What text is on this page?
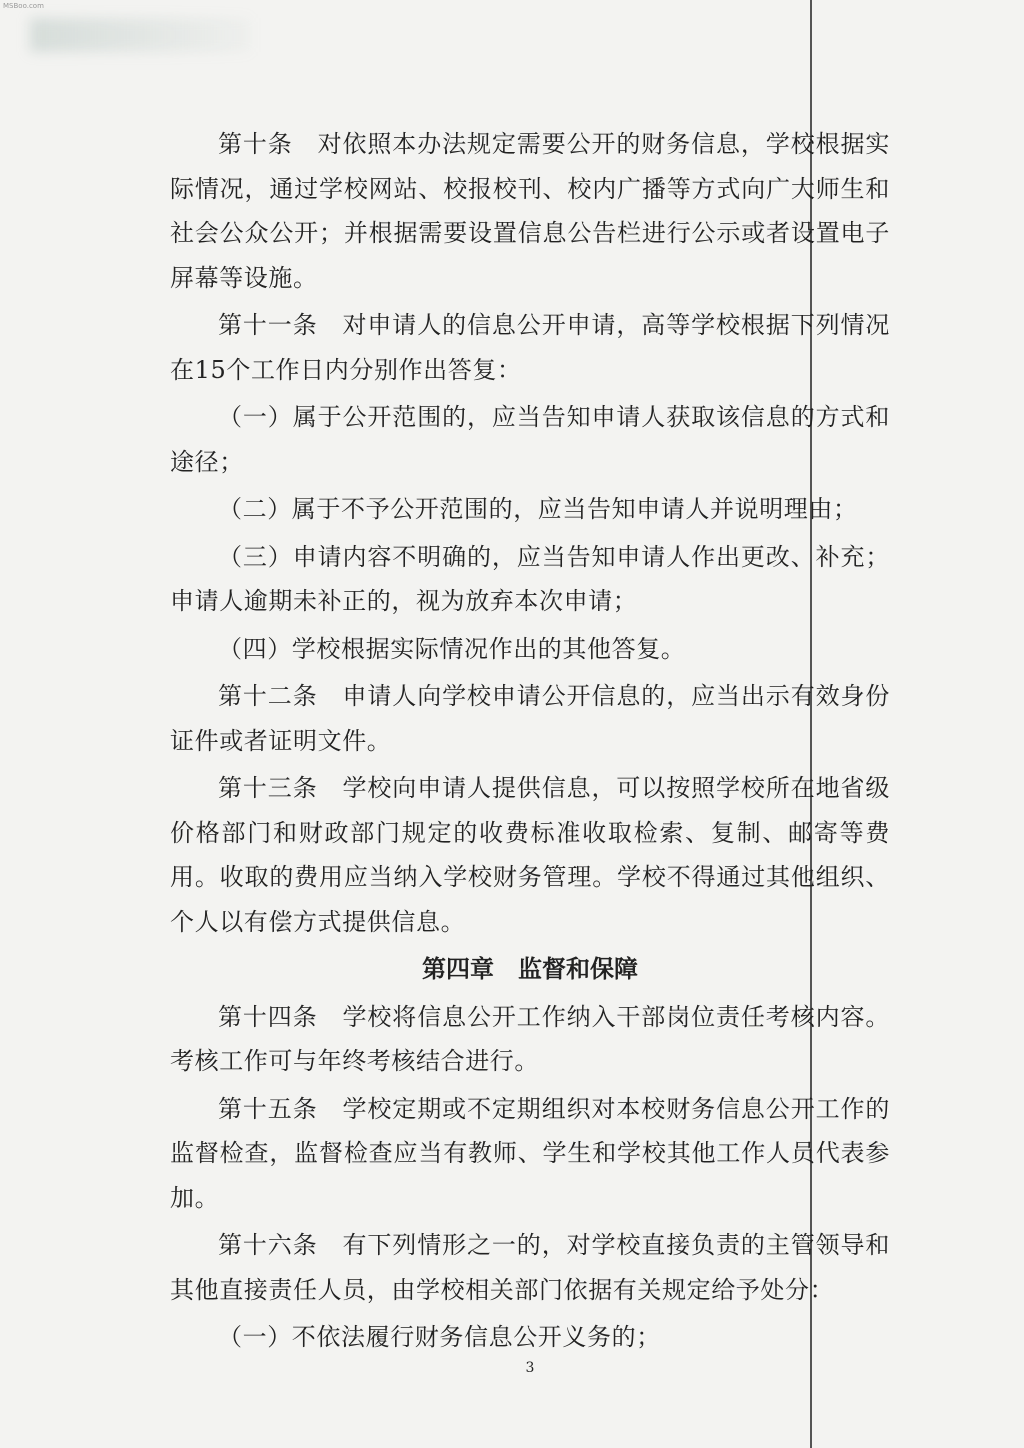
MSBoo.com

第十条　对依照本办法规定需要公开的财务信息，学校根据实际情况，通过学校网站、校报校刊、校内广播等方式向广大师生和社会公众公开；并根据需要设置信息公告栏进行公示或者设置电子屏幕等设施。

第十一条　对申请人的信息公开申请，高等学校根据下列情况在15个工作日内分别作出答复：

（一）属于公开范围的，应当告知申请人获取该信息的方式和途径；

（二）属于不予公开范围的，应当告知申请人并说明理由；

（三）申请内容不明确的，应当告知申请人作出更改、补充；申请人逾期未补正的，视为放弃本次申请；

（四）学校根据实际情况作出的其他答复。

第十二条　申请人向学校申请公开信息的，应当出示有效身份证件或者证明文件。

第十三条　学校向申请人提供信息，可以按照学校所在地省级价格部门和财政部门规定的收费标准收取检索、复制、邮寄等费用。收取的费用应当纳入学校财务管理。学校不得通过其他组织、个人以有偿方式提供信息。

第四章　监督和保障

第十四条　学校将信息公开工作纳入干部岗位责任考核内容。考核工作可与年终考核结合进行。

第十五条　学校定期或不定期组织对本校财务信息公开工作的监督检查，监督检查应当有教师、学生和学校其他工作人员代表参加。

第十六条　有下列情形之一的，对学校直接负责的主管领导和其他直接责任人员，由学校相关部门依据有关规定给予处分：

（一）不依法履行财务信息公开义务的；

3
